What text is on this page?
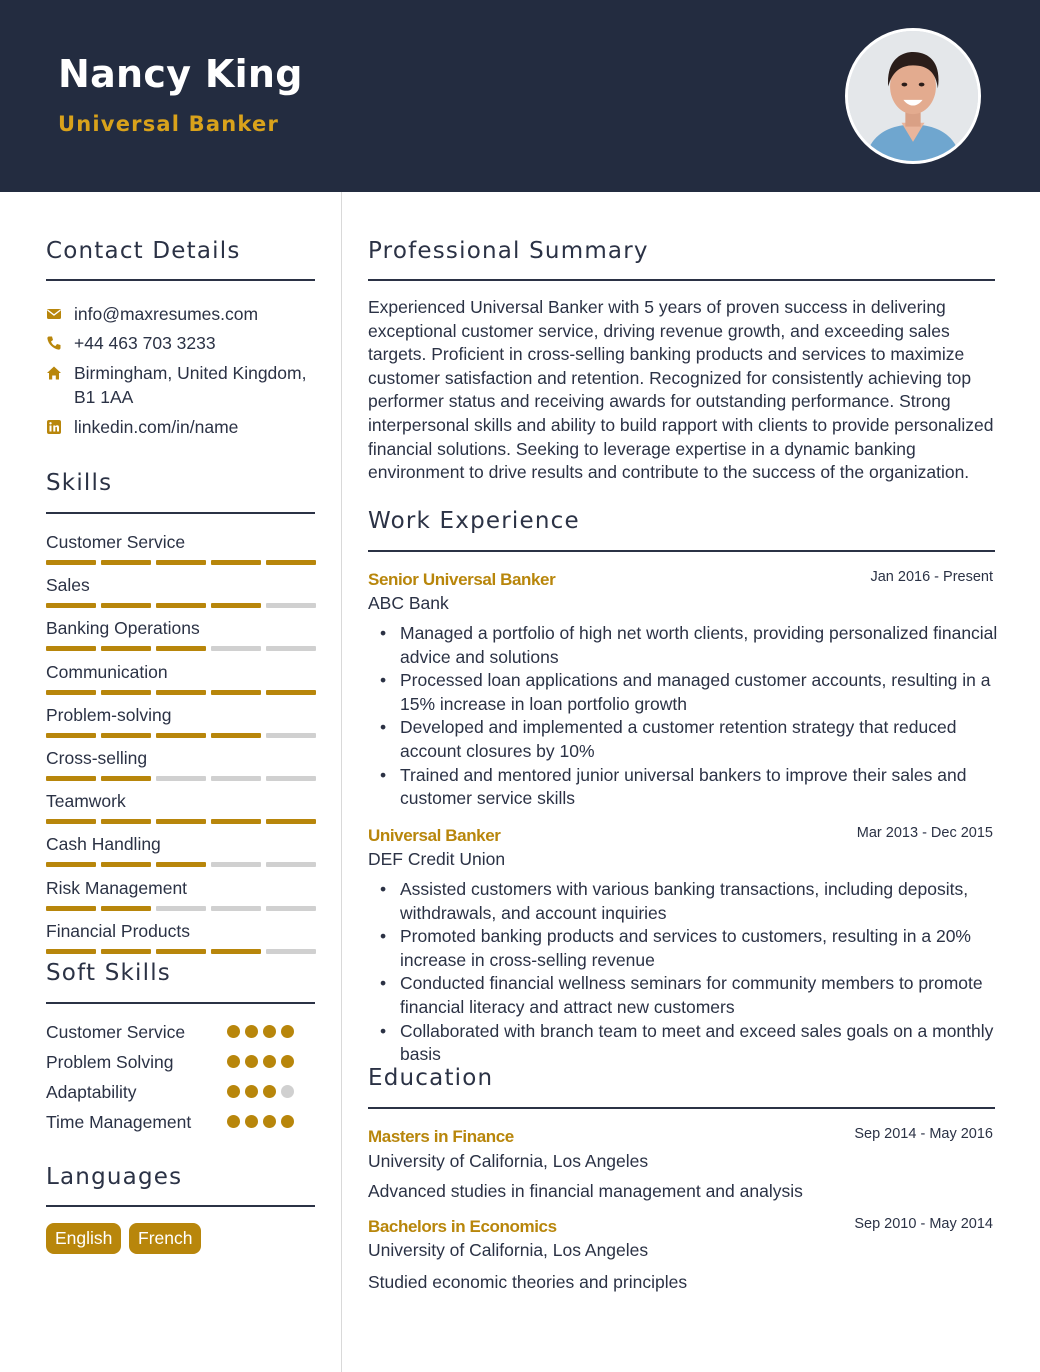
Nancy King
Universal Banker
Contact Details
info@maxresumes.com
+44 463 703 3233
Birmingham, United Kingdom, B1 1AA
linkedin.com/in/name
Skills
Customer Service
Sales
Banking Operations
Communication
Problem-solving
Cross-selling
Teamwork
Cash Handling
Risk Management
Financial Products
Soft Skills
Customer Service
Problem Solving
Adaptability
Time Management
Languages
English	French
Professional Summary
Experienced Universal Banker with 5 years of proven success in delivering exceptional customer service, driving revenue growth, and exceeding sales targets. Proficient in cross-selling banking products and services to maximize customer satisfaction and retention. Recognized for consistently achieving top performer status and receiving awards for outstanding performance. Strong interpersonal skills and ability to build rapport with clients to provide personalized financial solutions. Seeking to leverage expertise in a dynamic banking environment to drive results and contribute to the success of the organization.
Work Experience
Senior Universal Banker	Jan 2016 - Present
ABC Bank
• Managed a portfolio of high net worth clients, providing personalized financial advice and solutions
• Processed loan applications and managed customer accounts, resulting in a 15% increase in loan portfolio growth
• Developed and implemented a customer retention strategy that reduced account closures by 10%
• Trained and mentored junior universal bankers to improve their sales and customer service skills
Universal Banker	Mar 2013 - Dec 2015
DEF Credit Union
• Assisted customers with various banking transactions, including deposits, withdrawals, and account inquiries
• Promoted banking products and services to customers, resulting in a 20% increase in cross-selling revenue
• Conducted financial wellness seminars for community members to promote financial literacy and attract new customers
• Collaborated with branch team to meet and exceed sales goals on a monthly basis
Education
Masters in Finance	Sep 2014 - May 2016
University of California, Los Angeles
Advanced studies in financial management and analysis
Bachelors in Economics	Sep 2010 - May 2014
University of California, Los Angeles
Studied economic theories and principles
